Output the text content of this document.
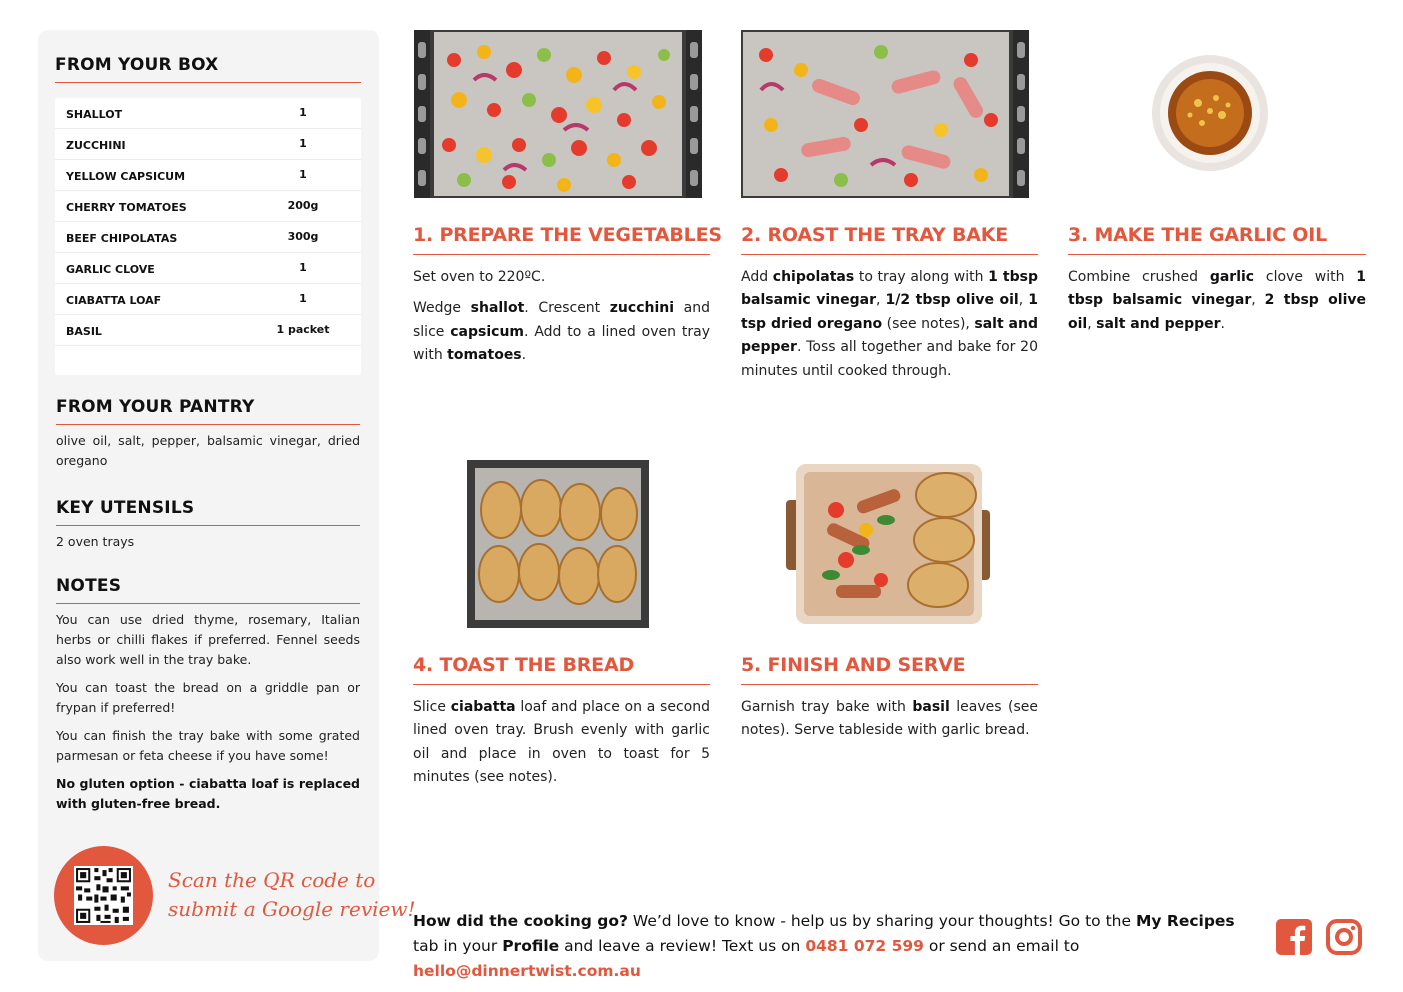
FROM YOUR BOX
SHALLOT	1
ZUCCHINI	1
YELLOW CAPSICUM	1
CHERRY TOMATOES	200g
BEEF CHIPOLATAS	300g
GARLIC CLOVE	1
CIABATTA LOAF	1
BASIL	1 packet
FROM YOUR PANTRY
olive oil, salt, pepper, balsamic vinegar, dried oregano
KEY UTENSILS
2 oven trays
NOTES
You can use dried thyme, rosemary, Italian herbs or chilli flakes if preferred. Fennel seeds also work well in the tray bake.
You can toast the bread on a griddle pan or frypan if preferred!
You can finish the tray bake with some grated parmesan or feta cheese if you have some!
No gluten option - ciabatta loaf is replaced with gluten-free bread.
Scan the QR code to
submit a Google review!
1. PREPARE THE VEGETABLES

Set oven to 220ºC.

Wedge shallot. Crescent zucchini and slice capsicum. Add to a lined oven tray with tomatoes.

2. ROAST THE TRAY BAKE

Add chipolatas to tray along with 1 tbsp balsamic vinegar, 1/2 tbsp olive oil, 1 tsp dried oregano (see notes), salt and pepper. Toss all together and bake for 20 minutes until cooked through.

3. MAKE THE GARLIC OIL

Combine crushed garlic clove with 1 tbsp balsamic vinegar, 2 tbsp olive oil, salt and pepper.

4. TOAST THE BREAD

Slice ciabatta loaf and place on a second lined oven tray. Brush evenly with garlic oil and place in oven to toast for 5 minutes (see notes).

5. FINISH AND SERVE

Garnish tray bake with basil leaves (see notes). Serve tableside with garlic bread.

How did the cooking go? We’d love to know - help us by sharing your thoughts! Go to the My Recipes tab in your Profile and leave a review! Text us on 0481 072 599 or send an email to hello@dinnertwist.com.au
